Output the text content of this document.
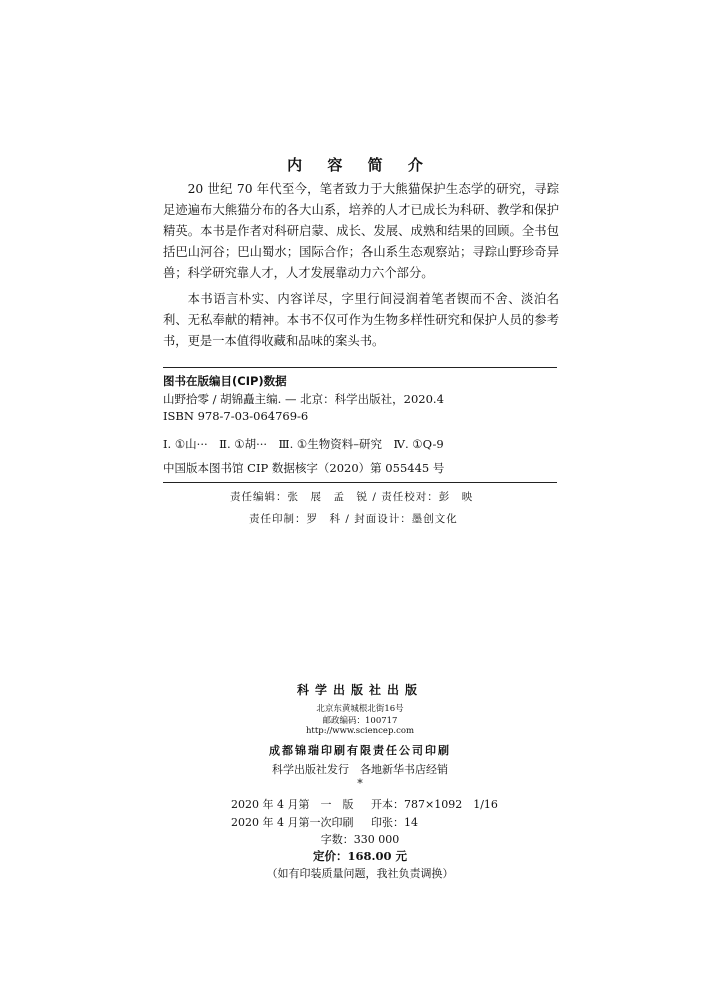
内 容 简 介

20 世纪 70 年代至今，笔者致力于大熊猫保护生态学的研究，寻踪足迹遍布大熊猫分布的各大山系，培养的人才已成长为科研、教学和保护精英。本书是作者对科研启蒙、成长、发展、成熟和结果的回顾。全书包括巴山河谷；巴山蜀水；国际合作；各山系生态观察站；寻踪山野珍奇异兽；科学研究靠人才，人才发展靠动力六个部分。

本书语言朴实、内容详尽，字里行间浸润着笔者锲而不舍、淡泊名利、无私奉献的精神。本书不仅可作为生物多样性研究和保护人员的参考书，更是一本值得收藏和品味的案头书。

图书在版编目(CIP)数据
山野拾零 / 胡锦矗主编. — 北京：科学出版社，2020.4
ISBN 978-7-03-064769-6
Ⅰ. ①山···　Ⅱ. ①胡···　Ⅲ. ①生物资料–研究　Ⅳ. ①Q-9
中国版本图书馆 CIP 数据核字（2020）第 055445 号
责任编辑：张　展　孟　锐 / 责任校对：彭　映
责任印制：罗　科 / 封面设计：墨创文化
科学出版社出版
北京东黄城根北街16号
邮政编码：100717
http://www.sciencep.com
成都锦瑞印刷有限责任公司印刷
科学出版社发行　各地新华书店经销
*
2020 年 4 月第　一　版 开本：787×1092　1/16
2020 年 4 月第一次印刷 印张：14
字数：330 000
定价：168.00 元
（如有印装质量问题，我社负责调换）
